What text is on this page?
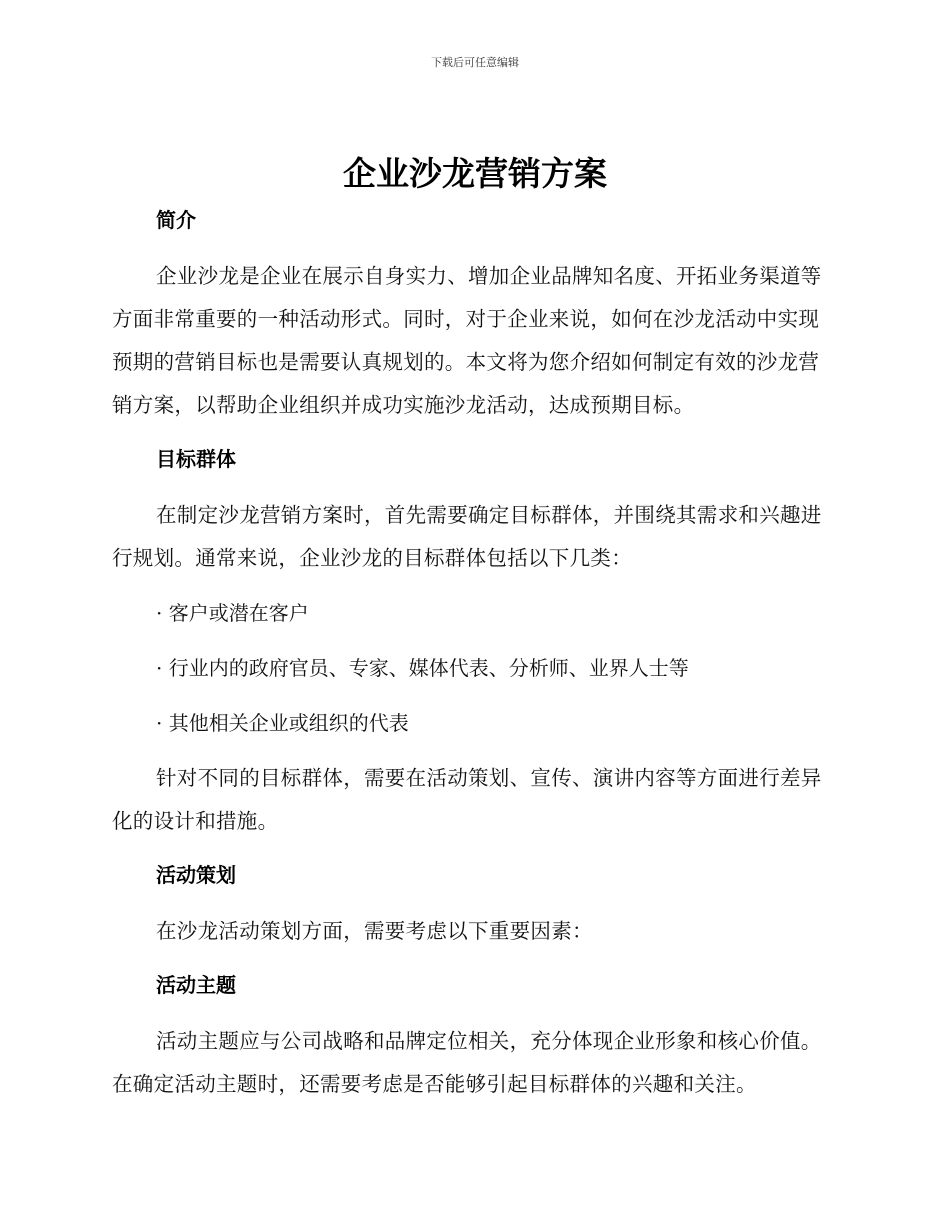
下载后可任意编辑
企业沙龙营销方案
简介

企业沙龙是企业在展示自身实力、增加企业品牌知名度、开拓业务渠道等方面非常重要的一种活动形式。同时，对于企业来说，如何在沙龙活动中实现预期的营销目标也是需要认真规划的。本文将为您介绍如何制定有效的沙龙营销方案，以帮助企业组织并成功实施沙龙活动，达成预期目标。

目标群体

在制定沙龙营销方案时，首先需要确定目标群体，并围绕其需求和兴趣进行规划。通常来说，企业沙龙的目标群体包括以下几类：

· 客户或潜在客户
· 行业内的政府官员、专家、媒体代表、分析师、业界人士等
· 其他相关企业或组织的代表

针对不同的目标群体，需要在活动策划、宣传、演讲内容等方面进行差异化的设计和措施。

活动策划

在沙龙活动策划方面，需要考虑以下重要因素：

活动主题

活动主题应与公司战略和品牌定位相关，充分体现企业形象和核心价值。在确定活动主题时，还需要考虑是否能够引起目标群体的兴趣和关注。
